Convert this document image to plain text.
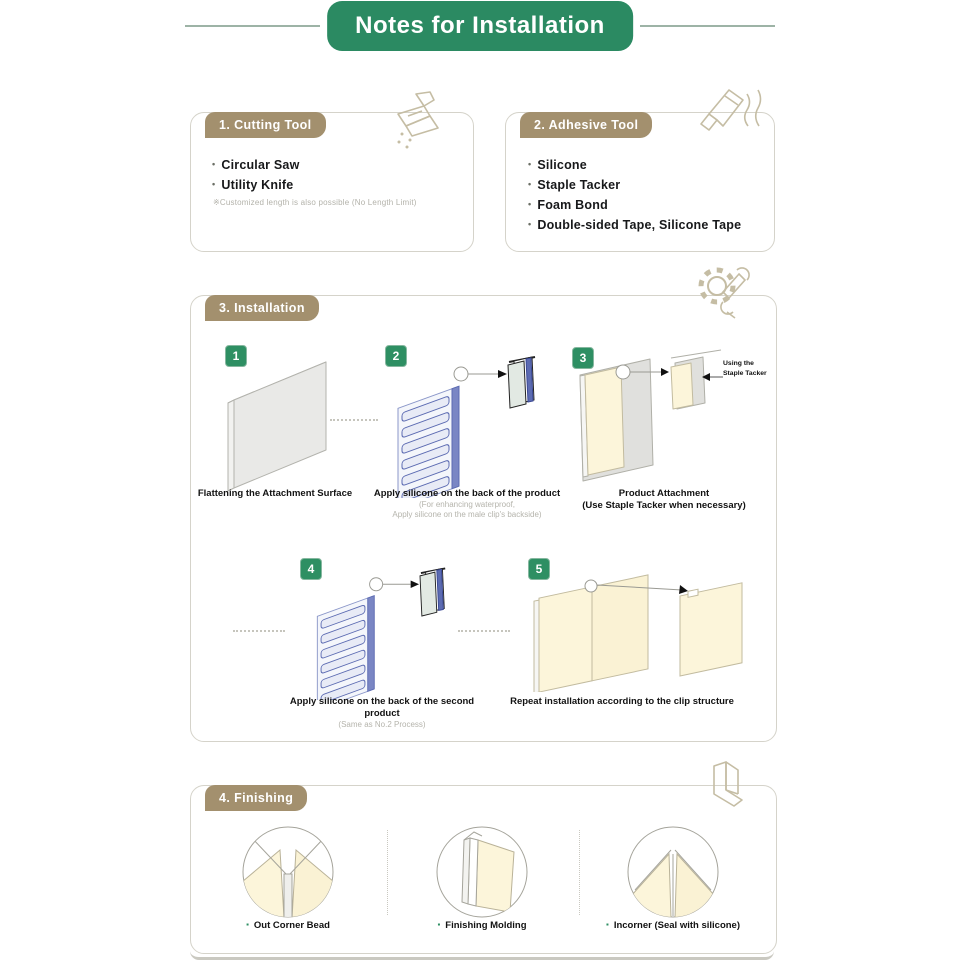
Notes for Installation
1. Cutting Tool
• Circular Saw
• Utility Knife
※Customized length is also possible (No Length Limit)
2. Adhesive Tool
• Silicone
• Staple Tacker
• Foam Bond
• Double-sided Tape, Silicone Tape
3. Installation
1	2	3	Using the
Staple Tacker
Flattening the Attachment Surface	Apply silicone on the back of the product
(For enhancing waterproof,
Apply silicone on the male clip's backside)
Product Attachment
(Use Staple Tacker when necessary)
4	5
Apply silicone on the back of the second product
(Same as No.2 Process)
Repeat installation according to the clip structure
4. Finishing
▪ Out Corner Bead	▪ Finishing Molding	▪ Incorner (Seal with silicone)
